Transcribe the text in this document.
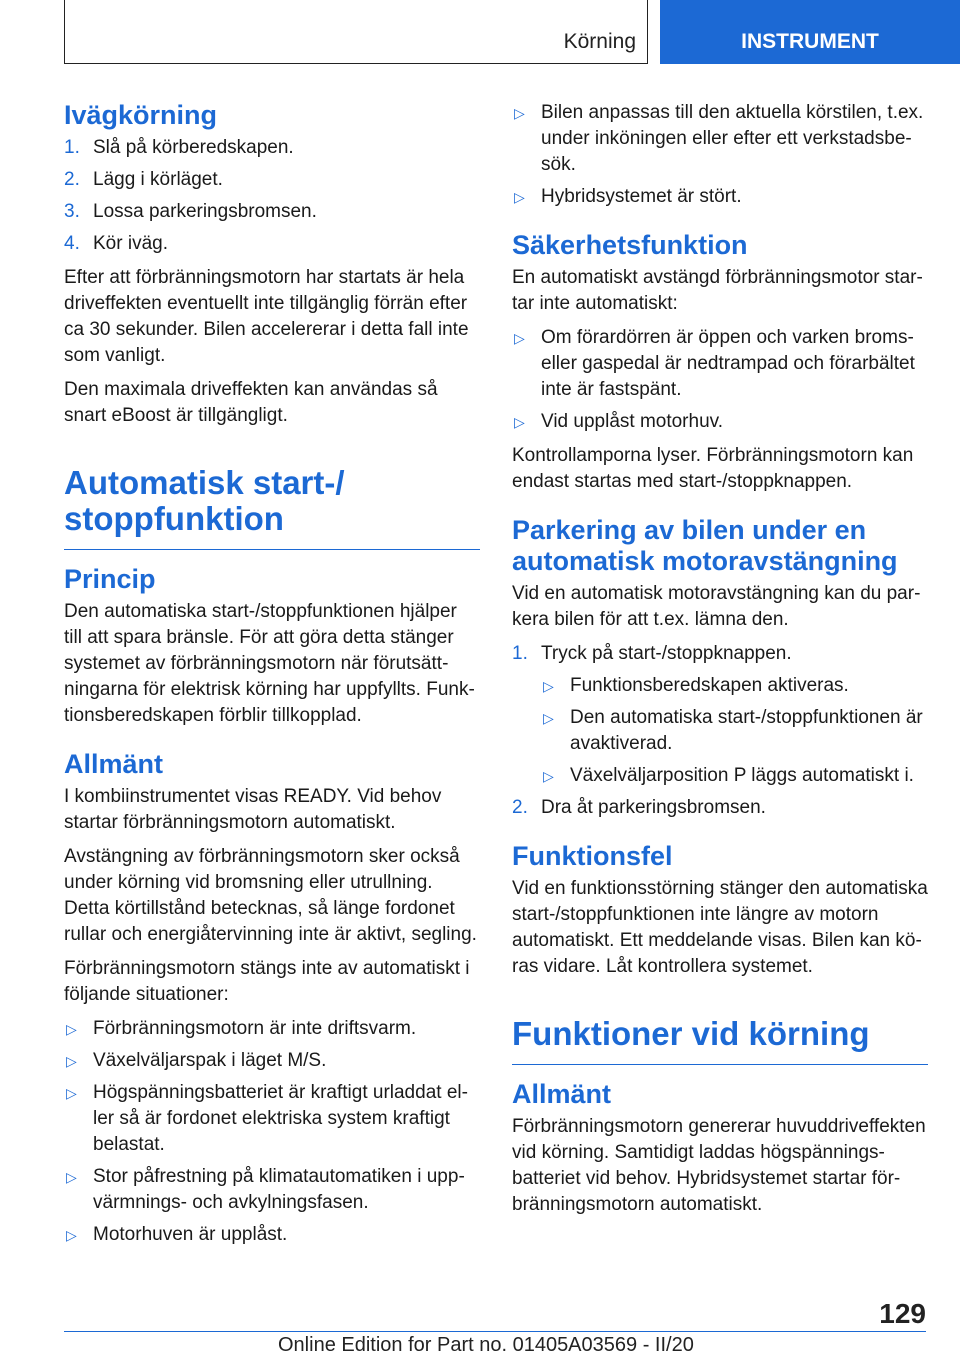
Körning	INSTRUMENT
Ivägkörning
1. Slå på körberedskapen.
2. Lägg i körläget.
3. Lossa parkeringsbromsen.
4. Kör iväg.

Efter att förbränningsmotorn har startats är hela driveffekten eventuellt inte tillgänglig förrän efter ca 30 sekunder. Bilen accelererar i detta fall inte som vanligt.

Den maximala driveffekten kan användas så snart eBoost är tillgängligt.

Automatisk start-/ stoppfunktion
Princip

Den automatiska start-/stoppfunktionen hjälper till att spara bränsle. För att göra detta stänger systemet av förbränningsmotorn när förutsättningarna för elektrisk körning har uppfyllts. Funktionsberedskapen förblir tillkopplad.

Allmänt

I kombiinstrumentet visas READY. Vid behov startar förbränningsmotorn automatiskt.

Avstängning av förbränningsmotorn sker också under körning vid bromsning eller utrullning. Detta körtillstånd betecknas, så länge fordonet rullar och energiåtervinning inte är aktivt, segling.

Förbränningsmotorn stängs inte av automatiskt i följande situationer:

▷ Förbränningsmotorn är inte driftsvarm.
▷ Växelväljarspak i läget M/S.
▷ Högspänningsbatteriet är kraftigt urladdat eller så är fordonet elektriska system kraftigt belastat.
▷ Stor påfrestning på klimatautomatiken i uppvärmnings- och avkylningsfasen.
▷ Motorhuven är upplåst.
▷ Bilen anpassas till den aktuella körstilen, t.ex. under inköningen eller efter ett verkstadsbesök.
▷ Hybridsystemet är stört.
Säkerhetsfunktion

En automatiskt avstängd förbränningsmotor startar inte automatiskt:

▷ Om förardörren är öppen och varken broms- eller gaspedal är nedtrampad och förarbältet inte är fastspänt.
▷ Vid upplåst motorhuv.

Kontrollamporna lyser. Förbränningsmotorn kan endast startas med start-/stoppknappen.

Parkering av bilen under en automatisk motoravstängning

Vid en automatisk motoravstängning kan du parkera bilen för att t.ex. lämna den.

1. Tryck på start-/stoppknappen.
▷ Funktionsberedskapen aktiveras.
▷ Den automatiska start-/stoppfunktionen är avaktiverad.
▷ Växelväljarposition P läggs automatiskt i.
2. Dra åt parkeringsbromsen.
Funktionsfel

Vid en funktionsstörning stänger den automatiska start-/stoppfunktionen inte längre av motorn automatiskt. Ett meddelande visas. Bilen kan köras vidare. Låt kontrollera systemet.

Funktioner vid körning
Allmänt

Förbränningsmotorn genererar huvuddriveffekten vid körning. Samtidigt laddas högspänningsbatteriet vid behov. Hybridsystemet startar förbränningsmotorn automatiskt.

129
Online Edition for Part no. 01405A03569 - II/20
